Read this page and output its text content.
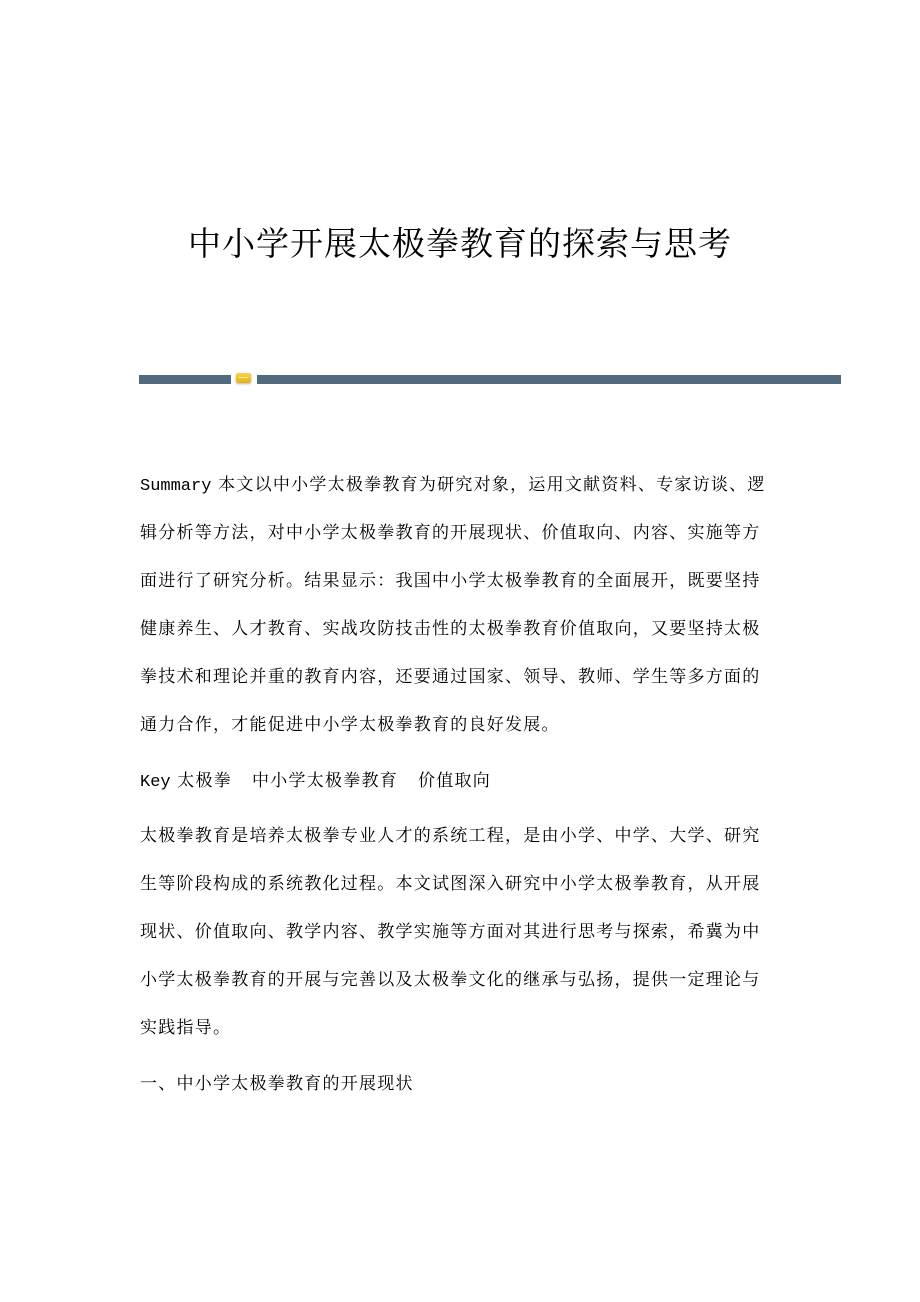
中小学开展太极拳教育的探索与思考
Summary 本文以中小学太极拳教育为研究对象，运用文献资料、专家访谈、逻
辑分析等方法，对中小学太极拳教育的开展现状、价值取向、内容、实施等方
面进行了研究分析。结果显示：我国中小学太极拳教育的全面展开，既要坚持
健康养生、人才教育、实战攻防技击性的太极拳教育价值取向，又要坚持太极
拳技术和理论并重的教育内容，还要通过国家、领导、教师、学生等多方面的
通力合作，才能促进中小学太极拳教育的良好发展。
Key 太极拳 中小学太极拳教育 价值取向
太极拳教育是培养太极拳专业人才的系统工程，是由小学、中学、大学、研究
生等阶段构成的系统教化过程。本文试图深入研究中小学太极拳教育，从开展
现状、价值取向、教学内容、教学实施等方面对其进行思考与探索，希冀为中
小学太极拳教育的开展与完善以及太极拳文化的继承与弘扬，提供一定理论与
实践指导。
一、中小学太极拳教育的开展现状
